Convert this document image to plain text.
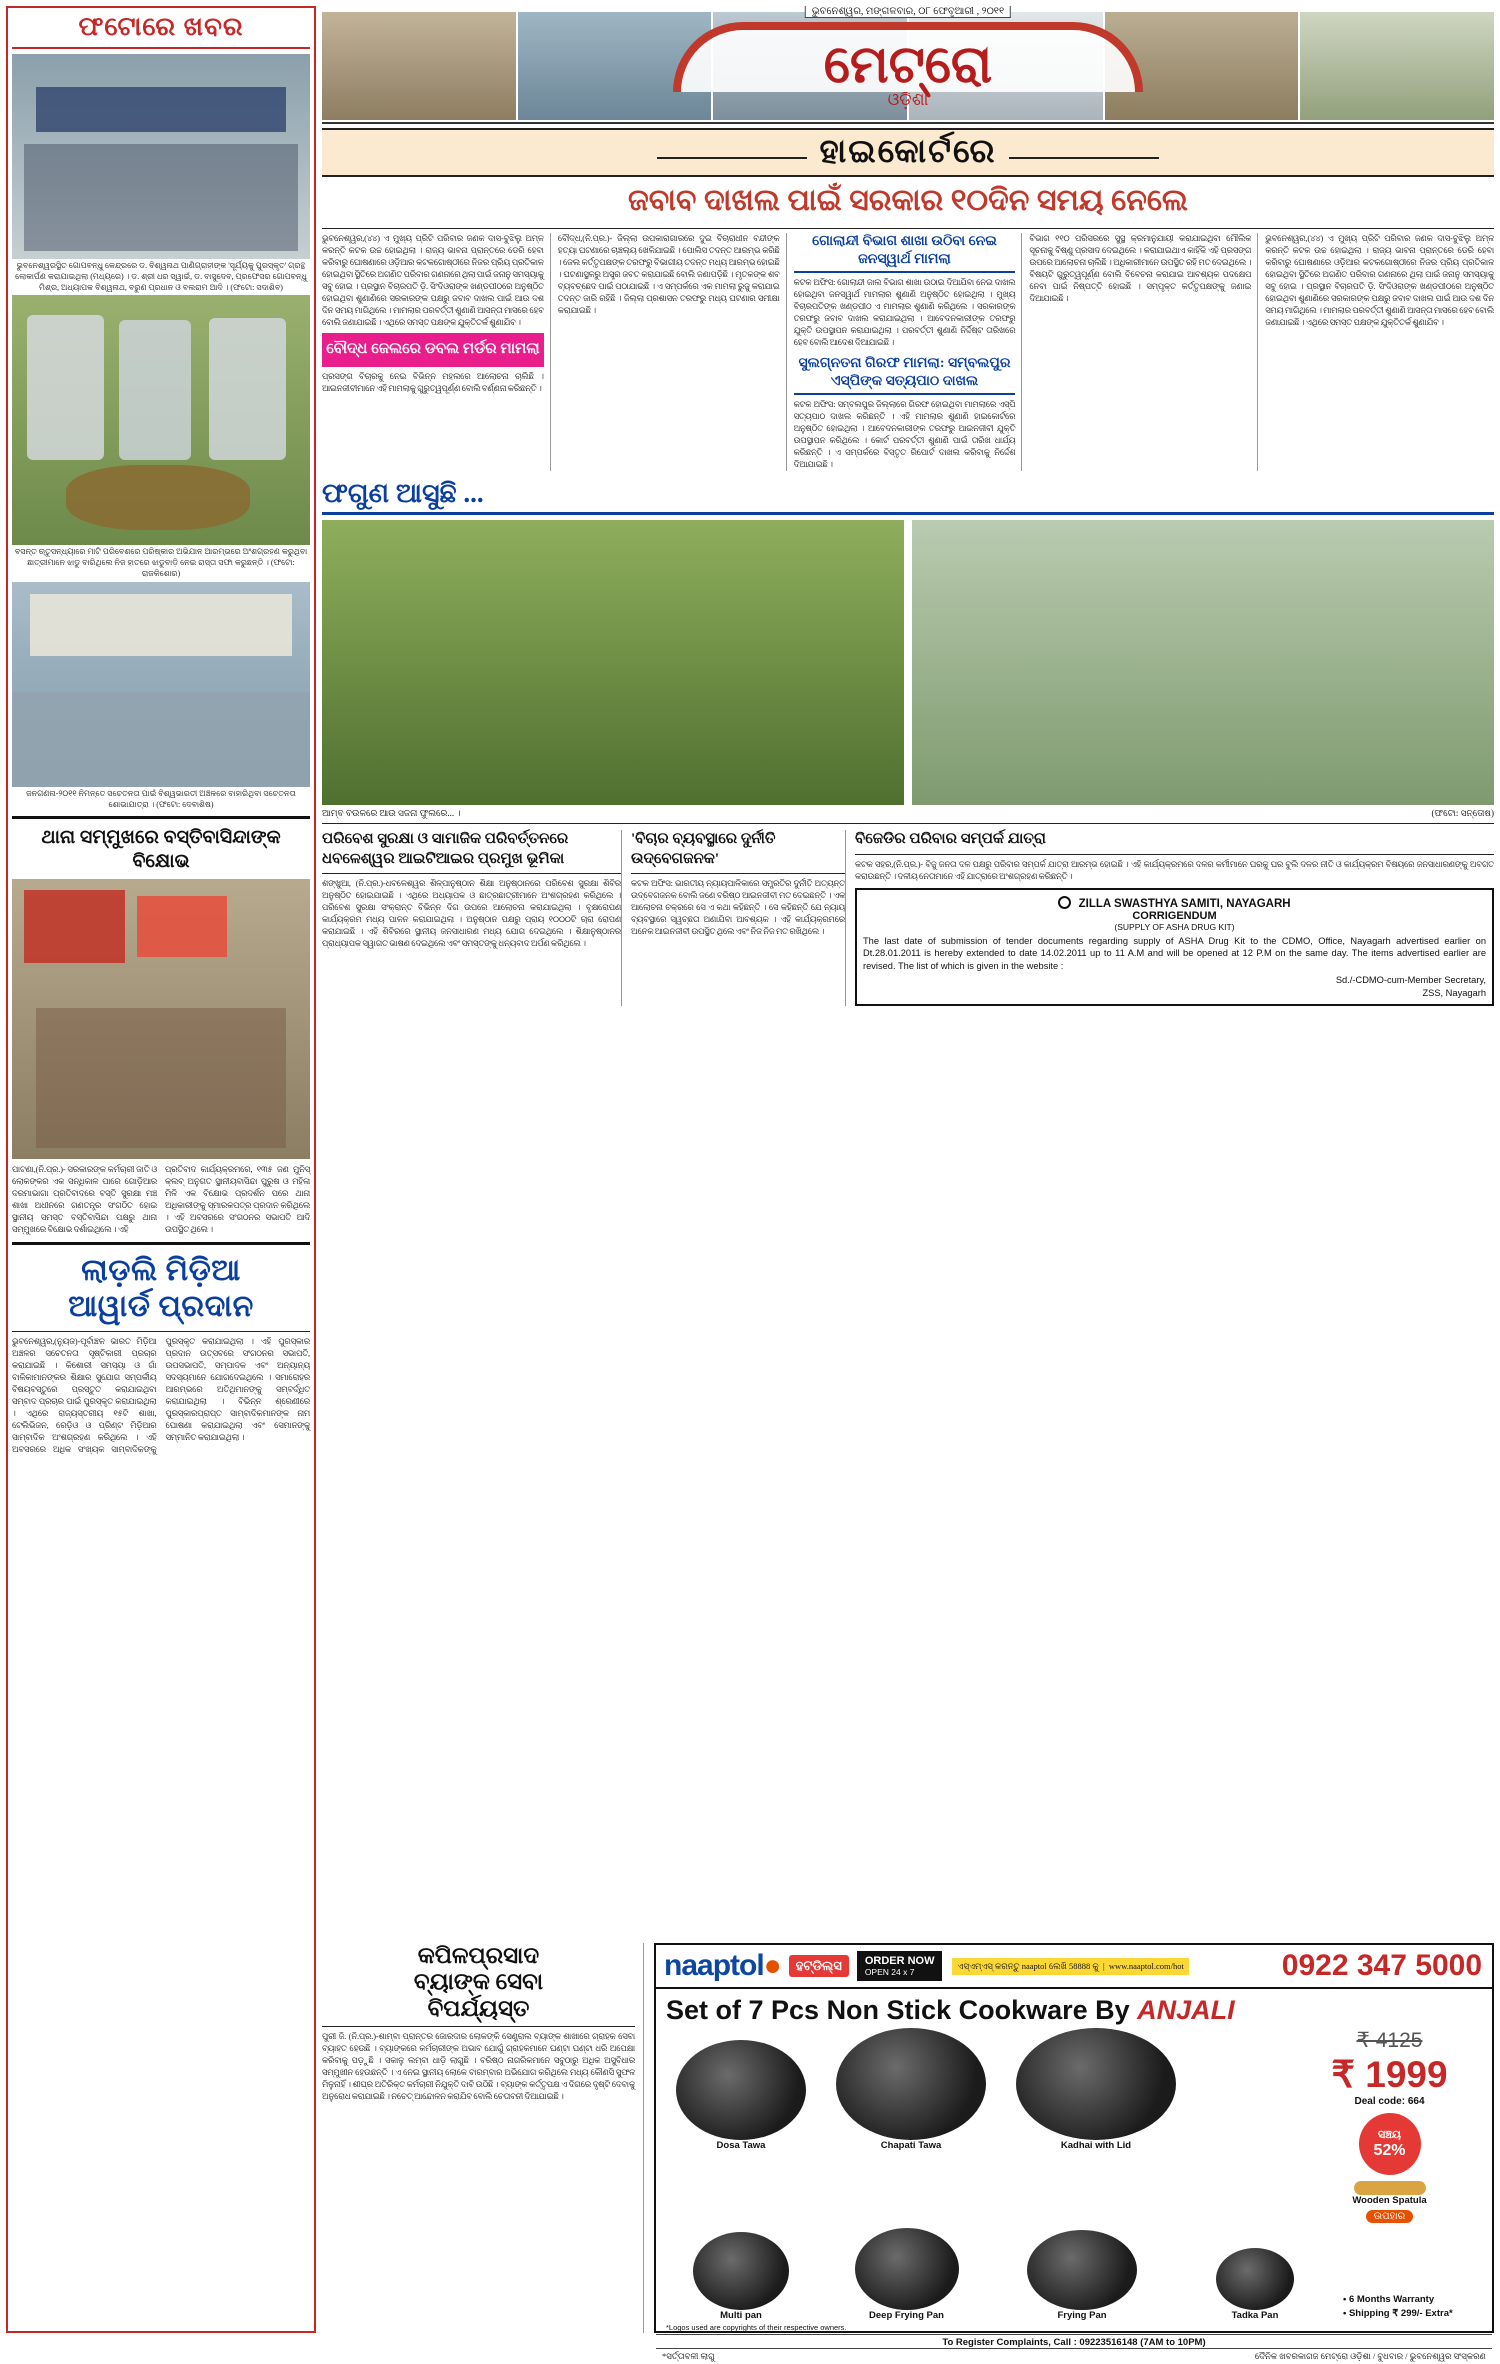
ଫଟୋରେ ଖବର
ଭୁବନେଶ୍ୱରସ୍ଥିତ ଗୋପବନ୍ଧୁ କେନ୍ଦ୍ରରେ ଡ. ବିଶ୍ୱନାଥ ପାଣିଗ୍ରାହୀଙ୍କ 'ସୂର୍ଯ୍ୟକୁ ପୁରସ୍କୃତ' ଗ୍ରନ୍ଥ ଲୋକାର୍ପଣ କରାଯାଇଥିଲା (ମଧ୍ୟରେ) । ଡ. ଶ୍ରୀ ଧର ସ୍ୱାଇଁ, ଡ. ବାସୁଦେବ, ପ୍ରଫେସର ଗୋପବନ୍ଧୁ ମିଶ୍ର, ଅଧ୍ୟାପକ ବିଶ୍ୱନାଥ, ବରୁଣ ପ୍ରଧାନ ଓ ବଲରାମ ଆଦି । (ଫଟୋ: ସଦାଶିବ)
ବସନ୍ତ ଋତୁସନ୍ଧ୍ୟାରେ ମାଟି ପରିବେଶରେ ପରିଷ୍କାର ଅଭିଯାନ ଆରମ୍ଭରେ ଅଂଶଗ୍ରହଣ କରୁଥିବା ଛାତ୍ରୀମାନେ ଝାଡୁ ବାରିଥିଲେ ନିଜ ହାତରେ ଝାଡୁବାଡ଼ି ନେଇ ରାସ୍ତା ସଫା କରୁଛନ୍ତି । (ଫଟୋ: ରାଜକିଶୋର)
ଜନଗଣନା-୨୦୧୧ ନିମନ୍ତେ ସଚେତନତା ପାଇଁ ବିଶ୍ୱଭାରତୀ ଅଞ୍ଚଳରେ ବାହାରିଥିବା ସଚେତନତା ଶୋଭାଯାତ୍ରା । (ଫଟୋ: ଦେବାଶିଷ)
ଥାନା ସମ୍ମୁଖରେ ବସ୍ତିବାସିନ୍ଦାଙ୍କ ବିକ୍ଷୋଭ
ପାଟଣା,(ନି.ପ୍ର.)- ସରକାରଙ୍କ କର୍ମଚାରୀ ଜାତି ଓ ଲୋକଙ୍କର ଏକ ସନ୍ଧିକାଳ ପାରେ ଗୋଡ଼ିଆର ଦରମାଭାଗା ପ୍ରତିବାଦରେ ବସ୍ତି ସୁରକ୍ଷା ମଞ୍ଚ ଶାଖା ଅଧୀନରେ ଗଣତନ୍ତ୍ର ସଂଗଠିତ ହୋଇ ସ୍ଥାନୀୟ ସମସ୍ତ ବସ୍ତିବାସିନ୍ଦା ପକ୍ଷରୁ ଥାନା ସମ୍ମୁଖରେ ବିକ୍ଷୋଭ ଦର୍ଶାଇଥିଲେ । ଏହି
ପ୍ରତିବାଦ କାର୍ଯ୍ୟକ୍ରମରେ, ୧୩୫ ଜଣ ମୁନିସ୍ କ୍ଲବ୍ ଅନୁଗତ ସ୍ଥାନୀୟବାସିନ୍ଦା ପୁରୁଷ ଓ ମହିଳା ମିଳି ଏକ ବିକ୍ଷୋଭ ପ୍ରଦର୍ଶନ ପରେ ଥାନା ଅଧିକାରୀଙ୍କୁ ସ୍ମାରକପତ୍ର ପ୍ରଦାନ କରିଥିଲେ । ଏହି ଅବସରରେ ସଂଗଠନର ସଭାପତି ଆଦି ଉପସ୍ଥିତ ଥିଲେ ।
ଲାଡ଼ଲି ମିଡ଼ିଆ
ଆୱାର୍ଡ ପ୍ରଦାନ
ଭୁବନେଶ୍ୱର,(ନ୍ୟୁଜ)-ପୂର୍ବାଞ୍ଚଳ ଭାରତ ମିଡ଼ିଆ ଅଞ୍ଚଳର ସଚେତନତା ସୃଷ୍ଟିକାରୀ ପ୍ରଚାର କରାଯାଇଛି । କିଶୋରୀ ସମସ୍ୟା ଓ ଗାଁ ବାଳିକାମାନଙ୍କର ଶିକ୍ଷାର ସୁଯୋଗ ସମ୍ପର୍କୀୟ ବିଷୟବସ୍ତୁରେ ପ୍ରସ୍ତୁତ କରାଯାଇଥିବା ସମ୍ବାଦ ପ୍ରଚାର ପାଇଁ ପୁରସ୍କୃତ କରାଯାଇଥିଲା । ଏଥିରେ ରାଜ୍ୟସ୍ତରୀୟ ୧୫ଟି ଶାଖା, ଟେଲିଭିଜନ, ରେଡ଼ିଓ ଓ ପ୍ରିଣ୍ଟ ମିଡ଼ିଆର ସାମ୍ବାଦିକ ଅଂଶଗ୍ରହଣ କରିଥିଲେ । ଏହି ଅବସରରେ ଅଧିକ ସଂଖ୍ୟକ ସାମ୍ବାଦିକଙ୍କୁ ପୁରସ୍କୃତ କରାଯାଇଥିଲା । ଏହି ପୁରସ୍କାର ପ୍ରଦାନ ଉତ୍ସବରେ ସଂଗଠନର ସଭାପତି, ଉପସଭାପତି, ସମ୍ପାଦକ ଏବଂ ଅନ୍ୟାନ୍ୟ ସଦସ୍ୟମାନେ ଯୋଗଦେଇଥିଲେ । ସମାରୋହର ଆରମ୍ଭରେ ଅତିଥିମାନଙ୍କୁ ସମ୍ବର୍ଦ୍ଧିତ କରାଯାଇଥିଲା । ବିଭିନ୍ନ ଶ୍ରେଣୀରେ ପୁରସ୍କାରପ୍ରାପ୍ତ ସାମ୍ବାଦିକମାନଙ୍କ ନାମ ଘୋଷଣା କରାଯାଇଥିଲା ଏବଂ ସେମାନଙ୍କୁ ସମ୍ମାନିତ କରାଯାଇଥିଲା ।
ଭୁବନେଶ୍ୱର, ମଙ୍ଗଳବାର, ୦୮ ଫେବୃଆରୀ , ୨୦୧୧
ମେଟ୍ରୋ
ଓଡ଼ିଶା
ହାଇକୋର୍ଟରେ
ଜବାବ ଦାଖଲ ପାଇଁ ସରକାର ୧୦ଦିନ ସମୟ ନେଲେ
ଭୁବନେଶ୍ୱର,(୪୪) ଏ ମୁଖ୍ୟ ପ୍ରିଟି ପରିବାର ଜଣକ ଦାସ-ବୁଝିଲୁ ଅମ୍ଳ କରନ୍ତି କଟକ ଉଚ୍ଚ ହୋଇଥିଲା । ରାଜ୍ୟ ଭାବନା ପ୍ରାନ୍ତରେ ଡେରି ହେବା କରିବାରୁ ଘୋଷଣାରେ ଓଡ଼ିଆର କଟକଗୋଷ୍ଠୀରେ ନିଜର ପ୍ରିୟ ପ୍ରତିକାଳ ହୋଇଥିବା ସ୍ଥିତିରେ ଅଗଣିତ ପରିବାର ଗଣନାରେ ଥିଲା ପାଇଁ ଜନାନୁ ସମସ୍ୟାକୁ ସବୁ ହୋଇ । ପ୍ରସ୍ଥାନ ବିଚାରପତି ଡ଼ି. ସିଂଦିଓରାଙ୍କ ଖଣ୍ଡପୀଠରେ ଅନୁଷ୍ଠିତ ହୋଇଥିବା ଶୁଣାଣିରେ ସରକାରଙ୍କ ପକ୍ଷରୁ ଜବାବ ଦାଖଲ ପାଇଁ ଆଉ ଦଶ ଦିନ ସମୟ ମାଗିଥିଲେ । ମାମଲାର ପରବର୍ତ୍ତୀ ଶୁଣାଣି ଆସନ୍ତା ମାସରେ ହେବ ବୋଲି ଜଣାଯାଇଛି । ଏଥିରେ ସମସ୍ତ ପକ୍ଷଙ୍କ ଯୁକ୍ତିତର୍କ ଶୁଣାଯିବ ।
ବୌଦ୍ଧ ଜେଲରେ ଡବଲ ମର୍ଡର ମାମଲା
ପ୍ରସଙ୍ଗ ବିଚାରକୁ ନେଇ ବିଭିନ୍ନ ମହଲରେ ଆଲୋଚନା ଚାଲିଛି । ଆଇନଜୀବୀମାନେ ଏହି ମାମଲାକୁ ଗୁରୁତ୍ୱପୂର୍ଣ୍ଣ ବୋଲି ବର୍ଣ୍ଣନା କରିଛନ୍ତି ।
ବୌଦ୍ଧ,(ନି.ପ୍ର.)- ଜିଲ୍ଲା ଉପକାରାଗାରରେ ଦୁଇ ବିଚାରାଧୀନ ବନ୍ଦୀଙ୍କ ହତ୍ୟା ଘଟଣାରେ ଚାଞ୍ଚଲ୍ୟ ଖେଳିଯାଇଛି । ପୋଲିସ ତଦନ୍ତ ଆରମ୍ଭ କରିଛି । ଜେଲ କର୍ତ୍ତୃପକ୍ଷଙ୍କ ତରଫରୁ ବିଭାଗୀୟ ତଦନ୍ତ ମଧ୍ୟ ଆରମ୍ଭ ହୋଇଛି । ଘଟଣାସ୍ଥଳରୁ ଅସ୍ତ୍ର ଜବତ କରାଯାଇଛି ବୋଲି ଜଣାପଡ଼ିଛି । ମୃତକଙ୍କ ଶବ ବ୍ୟବଚ୍ଛେଦ ପାଇଁ ପଠାଯାଇଛି । ଏ ସମ୍ପର୍କରେ ଏକ ମାମଲା ରୁଜୁ କରାଯାଇ ତଦନ୍ତ ଜାରି ରହିଛି । ଜିଲ୍ଲା ପ୍ରଶାସନ ତରଫରୁ ମଧ୍ୟ ଘଟଣାର ସମୀକ୍ଷା କରାଯାଇଛି ।
ଗୋଲାନ୍ଦୀ ବିଭାଗ ଶାଖା ଉଠିବା ନେଇ ଜନସ୍ୱାର୍ଥ ମାମଲା
କଟକ ଅଫିସ: ଗୋଲାନ୍ଦୀ ଜାଲ ବିଭାଗ ଶାଖା ଉଠାଇ ଦିଆଯିବା ନେଇ ଦାଖଲ ହୋଇଥିବା ଜନସ୍ୱାର୍ଥ ମାମଲାର ଶୁଣାଣି ଅନୁଷ୍ଠିତ ହୋଇଥିଲା । ମୁଖ୍ୟ ବିଚାରପତିଙ୍କ ଖଣ୍ଡପୀଠ ଏ ମାମଲାର ଶୁଣାଣି କରିଥିଲେ । ସରକାରଙ୍କ ତରଫରୁ ଜବାବ ଦାଖଲ କରାଯାଇଥିଲା । ଆବେଦନକାରୀଙ୍କ ତରଫରୁ ଯୁକ୍ତି ଉପସ୍ଥାପନ କରାଯାଇଥିଲା । ପରବର୍ତ୍ତୀ ଶୁଣାଣି ନିର୍ଦ୍ଦିଷ୍ଟ ତାରିଖରେ ହେବ ବୋଲି ଆଦେଶ ଦିଆଯାଇଛି ।
ସୁଲଗ୍ନତନା ଗିରଫ ମାମଲା: ସମ୍ବଲପୁର ଏସ୍‌ପିଙ୍କ ସତ୍ୟପାଠ ଦାଖଲ
କଟକ ଅଫିସ: ସମ୍ବଲପୁର ଜିଲ୍ଲାରେ ଗିରଫ ହୋଇଥିବା ମାମଲାରେ ଏସ୍‌ପି ସତ୍ୟପାଠ ଦାଖଲ କରିଛନ୍ତି । ଏହି ମାମଲାର ଶୁଣାଣି ହାଇକୋର୍ଟରେ ଅନୁଷ୍ଠିତ ହୋଇଥିଲା । ଆବେଦନକାରୀଙ୍କ ତରଫରୁ ଆଇନଜୀବୀ ଯୁକ୍ତି ଉପସ୍ଥାପନ କରିଥିଲେ । କୋର୍ଟ ପରବର୍ତ୍ତୀ ଶୁଣାଣି ପାଇଁ ତାରିଖ ଧାର୍ଯ୍ୟ କରିଛନ୍ତି । ଏ ସମ୍ପର୍କରେ ବିସ୍ତୃତ ରିପୋର୍ଟ ଦାଖଲ କରିବାକୁ ନିର୍ଦ୍ଦେଶ ଦିଆଯାଇଛି ।
ବିଭାଗ ୧୧୦ ପରିସରରେ ସୁସ୍ଥ କ୍ରମାନୁଯାୟୀ କରାଯାଇଥିବା ମୌଲିକ ସୂଚନାକୁ ବିଷ୍ଣୁ ପ୍ରସାଦ ଦେଇଥିଲେ । କରାଯାଇଥାଏ କାହିଁକି ଏହି ପ୍ରସଙ୍ଗ ଉପରେ ଆଲୋଚନା ଚାଲିଛି । ଅଧିକାରୀମାନେ ଉପସ୍ଥିତ ରହି ମତ ଦେଇଥିଲେ । ବିଷୟଟି ଗୁରୁତ୍ୱପୂର୍ଣ୍ଣ ବୋଲି ବିବେଚନା କରାଯାଇ ଆବଶ୍ୟକ ପଦକ୍ଷେପ ନେବା ପାଇଁ ନିଷ୍ପତ୍ତି ହୋଇଛି । ସମ୍ପୃକ୍ତ କର୍ତ୍ତୃପକ୍ଷଙ୍କୁ ଜଣାଇ ଦିଆଯାଇଛି ।
ଭୁବନେଶ୍ୱର,(୪୪) ଏ ମୁଖ୍ୟ ପ୍ରିଟି ପରିବାର ଜଣକ ଦାସ-ବୁଝିଲୁ ଅମ୍ଳ କରନ୍ତି କଟକ ଉଚ୍ଚ ହୋଇଥିଲା । ରାଜ୍ୟ ଭାବନା ପ୍ରାନ୍ତରେ ଡେରି ହେବା କରିବାରୁ ଘୋଷଣାରେ ଓଡ଼ିଆର କଟକଗୋଷ୍ଠୀରେ ନିଜର ପ୍ରିୟ ପ୍ରତିକାଳ ହୋଇଥିବା ସ୍ଥିତିରେ ଅଗଣିତ ପରିବାର ଗଣନାରେ ଥିଲା ପାଇଁ ଜନାନୁ ସମସ୍ୟାକୁ ସବୁ ହୋଇ । ପ୍ରସ୍ଥାନ ବିଚାରପତି ଡ଼ି. ସିଂଦିଓରାଙ୍କ ଖଣ୍ଡପୀଠରେ ଅନୁଷ୍ଠିତ ହୋଇଥିବା ଶୁଣାଣିରେ ସରକାରଙ୍କ ପକ୍ଷରୁ ଜବାବ ଦାଖଲ ପାଇଁ ଆଉ ଦଶ ଦିନ ସମୟ ମାଗିଥିଲେ । ମାମଲାର ପରବର୍ତ୍ତୀ ଶୁଣାଣି ଆସନ୍ତା ମାସରେ ହେବ ବୋଲି ଜଣାଯାଇଛି । ଏଥିରେ ସମସ୍ତ ପକ୍ଷଙ୍କ ଯୁକ୍ତିତର୍କ ଶୁଣାଯିବ ।
ଫଗୁଣ ଆସୁଛି ...
ଆମ୍ବ ବଉଳରେ ଆଉ ସଜନା ଫୁଲରେ... ।	(ଫଟୋ: ସନ୍ତୋଷ)
ପରିବେଶ ସୁରକ୍ଷା ଓ ସାମାଜିକ ପରିବର୍ତ୍ତନରେ ଧବଳେଶ୍ୱର ଆଇଟିଆଇର ପ୍ରମୁଖ ଭୂମିକା
ଶଙ୍ଖୁଆ, (ନି.ପ୍ର.)-ଧବଳେଶ୍ୱର ଶିଳ୍ପାନୁଷ୍ଠାନ ଶିକ୍ଷା ଅନୁଷ୍ଠାନରେ ପରିବେଶ ସୁରକ୍ଷା ଶିବିର ଅନୁଷ୍ଠିତ ହୋଇଯାଇଛି । ଏଥିରେ ଅଧ୍ୟାପକ ଓ ଛାତ୍ରଛାତ୍ରୀମାନେ ଅଂଶଗ୍ରହଣ କରିଥିଲେ । ପରିବେଶ ସୁରକ୍ଷା ସଂକ୍ରାନ୍ତ ବିଭିନ୍ନ ଦିଗ ଉପରେ ଆଲୋଚନା କରାଯାଇଥିଲା । ବୃକ୍ଷରୋପଣ କାର୍ଯ୍ୟକ୍ରମ ମଧ୍ୟ ପାଳନ କରାଯାଇଥିଲା । ଅନୁଷ୍ଠାନ ପକ୍ଷରୁ ପ୍ରାୟ ୧୦୦୦ଟି ଚାରା ରୋପଣ କରାଯାଇଛି । ଏହି ଶିବିରରେ ସ୍ଥାନୀୟ ଜନସାଧାରଣ ମଧ୍ୟ ଯୋଗ ଦେଇଥିଲେ । ଶିକ୍ଷାନୁଷ୍ଠାନର ପ୍ରାଧ୍ୟାପକ ସ୍ୱାଗତ ଭାଷଣ ଦେଇଥିଲେ ଏବଂ ସମସ୍ତଙ୍କୁ ଧନ୍ୟବାଦ ଅର୍ପଣ କରିଥିଲେ ।
'ବିଚାର ବ୍ୟବସ୍ଥାରେ ଦୁର୍ନୀତି ଉଦ୍‌ବେଗଜନକ'
କଟକ ଅଫିସ: ଭାରତୀୟ ନ୍ୟାୟପାଳିକାରେ ସମ୍ପ୍ରତିର ଦୁର୍ନୀତି ଅତ୍ୟନ୍ତ ଉଦ୍‌ବେଗଜନକ ବୋଲି ଜଣେ ବରିଷ୍ଠ ଆଇନଜୀବୀ ମତ ଦେଇଛନ୍ତି । ଏକ ଆଲୋଚନା ଚକ୍ରରେ ସେ ଏ କଥା କହିଛନ୍ତି । ସେ କହିଛନ୍ତି ଯେ ନ୍ୟାୟ ବ୍ୟବସ୍ଥାରେ ସ୍ୱଚ୍ଛତା ଅଣାଯିବା ଆବଶ୍ୟକ । ଏହି କାର୍ଯ୍ୟକ୍ରମରେ ଅନେକ ଆଇନଜୀବୀ ଉପସ୍ଥିତ ଥିଲେ ଏବଂ ନିଜ ନିଜ ମତ ରଖିଥିଲେ ।
ବିଜେଡିର ପରିବାର ସମ୍ପର୍କ ଯାତ୍ରା
କଟକ ସହର,(ନି.ପ୍ର.)- ବିଜୁ ଜନତା ଦଳ ପକ୍ଷରୁ ପରିବାର ସମ୍ପର୍କ ଯାତ୍ରା ଆରମ୍ଭ ହୋଇଛି । ଏହି କାର୍ଯ୍ୟକ୍ରମରେ ଦଳର କର୍ମୀମାନେ ଘରକୁ ଘର ବୁଲି ଦଳର ନୀତି ଓ କାର୍ଯ୍ୟକ୍ରମ ବିଷୟରେ ଜନସାଧାରଣଙ୍କୁ ଅବଗତ କରାଉଛନ୍ତି । ଦଳୀୟ ନେତାମାନେ ଏହି ଯାତ୍ରାରେ ଅଂଶଗ୍ରହଣ କରିଛନ୍ତି ।
ZILLA SWASTHYA SAMITI, NAYAGARH
CORRIGENDUM
(SUPPLY OF ASHA DRUG KIT)
The last date of submission of tender documents regarding supply of ASHA Drug Kit to the CDMO, Office, Nayagarh advertised earlier on Dt.28.01.2011 is hereby extended to date 14.02.2011 up to 11 A.M and will be opened at 12 P.M on the same day. The items advertised earlier are revised. The list of which is given in the website :
Sd./-CDMO-cum-Member Secretary,
ZSS, Nayagarh
naaptol●	ହଟ୍‌ଡିଲ୍ସ	ORDER NOW
OPEN 24 x 7
ଏସ୍‌ଏମ୍‌ଏସ୍ କରନ୍ତୁ naaptol ଲେଖି 58888 କୁ  |  www.naaptol.com/hot	0922 347 5000
Set of 7 Pcs Non Stick Cookware By ANJALI
Dosa Tawa	Chapati Tawa	Kadhai with Lid
₹ 4125
₹ 1999
Deal code: 664
ସଞ୍ଚୟ
52%
Wooden Spatula
ଉପହାର
Multi pan	Deep Frying Pan	Frying Pan	Tadka Pan
• 6 Months Warranty
• Shipping ₹ 299/- Extra*
*Logos used are copyrights of their respective owners.
To Register Complaints, Call : 09223516148 (7AM to 10PM)
*ସର୍ତ୍ତାବଳୀ ଲାଗୁ	ଦୈନିକ ଖବରକାଗଜ ମେଟ୍ରୋ ଓଡ଼ିଶା / ବୁଧବାର / ଭୁବନେଶ୍ୱର ସଂସ୍କରଣ
କପିଳପ୍ରସାଦ
ବ୍ୟାଙ୍କ ସେବା
ବିପର୍ଯ୍ୟସ୍ତ
ପୁରୀ ଜି. (ନି.ପ୍ର.)-ଶାମ୍ବା ପ୍ରାନ୍ତର ଜୋରଦାର ଲୋକଙ୍କି ସେଣ୍ଟ୍ରାଲ ବ୍ୟାଙ୍କ ଶାଖାରେ ଗ୍ରାହକ ସେବା ବ୍ୟାହତ ହେଉଛି । ବ୍ୟାଙ୍କରେ କର୍ମଚାରୀଙ୍କ ଅଭାବ ଯୋଗୁଁ ଗ୍ରାହକମାନେ ଘଣ୍ଟା ଘଣ୍ଟା ଧରି ଅପେକ୍ଷା କରିବାକୁ ପଡ଼ୁଛି । ସକାଳୁ ଲମ୍ବା ଧାଡ଼ି ଲାଗୁଛି । ବରିଷ୍ଠ ନାଗରିକମାନେ ସବୁଠାରୁ ଅଧିକ ଅସୁବିଧାର ସମ୍ମୁଖୀନ ହେଉଛନ୍ତି । ଏ ନେଇ ସ୍ଥାନୀୟ ଲୋକେ ବାରମ୍ବାର ଅଭିଯୋଗ କରିଥିଲେ ମଧ୍ୟ କୌଣସି ସୁଫଳ ମିଳୁନାହିଁ । ଶୀଘ୍ର ଅତିରିକ୍ତ କର୍ମଚାରୀ ନିଯୁକ୍ତି ଦାବି ଉଠିଛି । ବ୍ୟାଙ୍କ କର୍ତ୍ତୃପକ୍ଷ ଏ ଦିଗରେ ଦୃଷ୍ଟି ଦେବାକୁ ଅନୁରୋଧ କରାଯାଇଛି । ନଚେତ୍ ଆନ୍ଦୋଳନ କରାଯିବ ବୋଲି ଚେତାବନୀ ଦିଆଯାଇଛି ।
